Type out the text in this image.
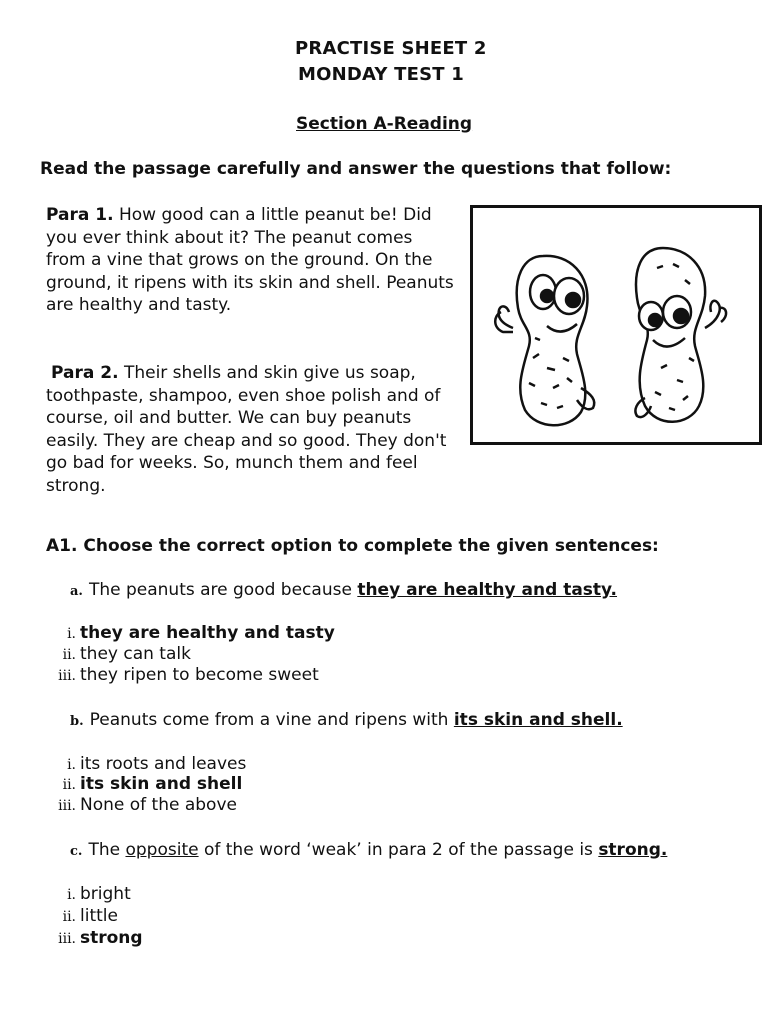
PRACTISE SHEET 2
MONDAY TEST 1
Section A-Reading
Read the passage carefully and answer the questions that follow:
Para 1. How good can a little peanut be! Did you ever think about it? The peanut comes from a vine that grows on the ground. On the ground, it ripens with its skin and shell. Peanuts are healthy and tasty.
Para 2. Their shells and skin give us soap, toothpaste, shampoo, even shoe polish and of course, oil and butter. We can buy peanuts easily. They are cheap and so good. They don't go bad for weeks. So, munch them and feel strong.
A1. Choose the correct option to complete the given sentences:
a. The peanuts are good because they are healthy and tasty.
i. they are healthy and tasty
ii. they can talk
iii. they ripen to become sweet
b. Peanuts come from a vine and ripens with its skin and shell.
i. its roots and leaves
ii. its skin and shell
iii. None of the above
c. The opposite of the word ‘weak’ in para 2 of the passage is strong.
i. bright
ii. little
iii. strong
